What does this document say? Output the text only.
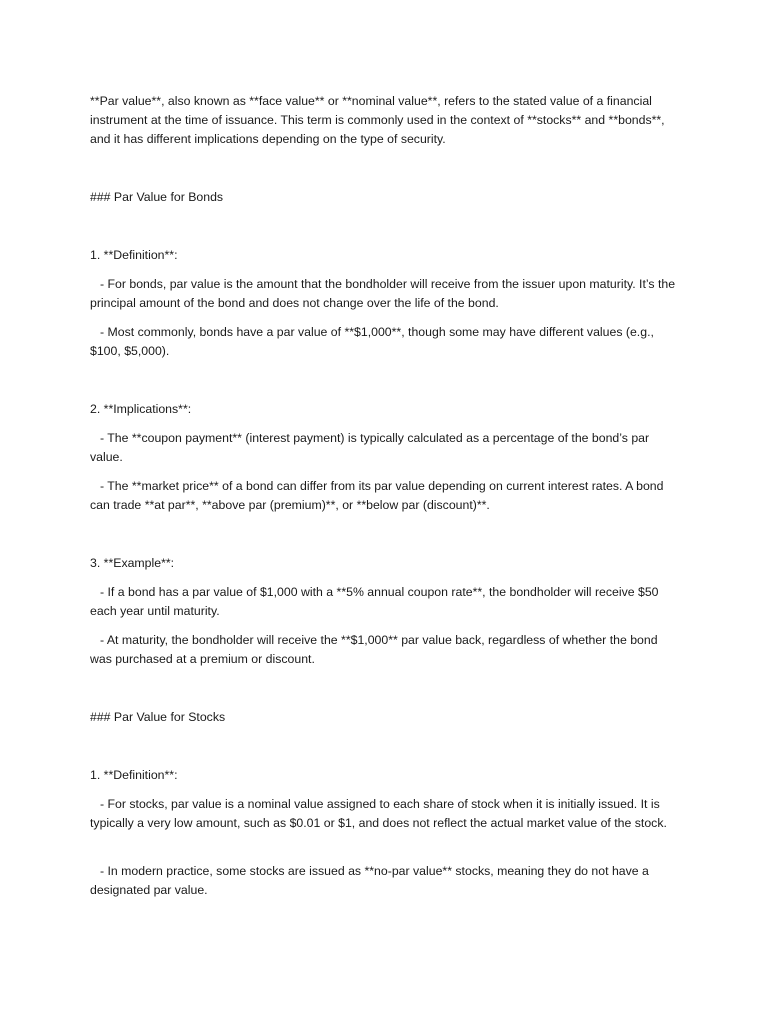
**Par value**, also known as **face value** or **nominal value**, refers to the stated value of a financial instrument at the time of issuance. This term is commonly used in the context of **stocks** and **bonds**, and it has different implications depending on the type of security.

### Par Value for Bonds

1. **Definition**:

- For bonds, par value is the amount that the bondholder will receive from the issuer upon maturity. It’s the principal amount of the bond and does not change over the life of the bond.

- Most commonly, bonds have a par value of **$1,000**, though some may have different values (e.g., $100, $5,000).

2. **Implications**:

- The **coupon payment** (interest payment) is typically calculated as a percentage of the bond’s par value.

- The **market price** of a bond can differ from its par value depending on current interest rates. A bond can trade **at par**, **above par (premium)**, or **below par (discount)**.

3. **Example**:

- If a bond has a par value of $1,000 with a **5% annual coupon rate**, the bondholder will receive $50 each year until maturity.

- At maturity, the bondholder will receive the **$1,000** par value back, regardless of whether the bond was purchased at a premium or discount.

### Par Value for Stocks

1. **Definition**:

- For stocks, par value is a nominal value assigned to each share of stock when it is initially issued. It is typically a very low amount, such as $0.01 or $1, and does not reflect the actual market value of the stock.

- In modern practice, some stocks are issued as **no-par value** stocks, meaning they do not have a designated par value.
